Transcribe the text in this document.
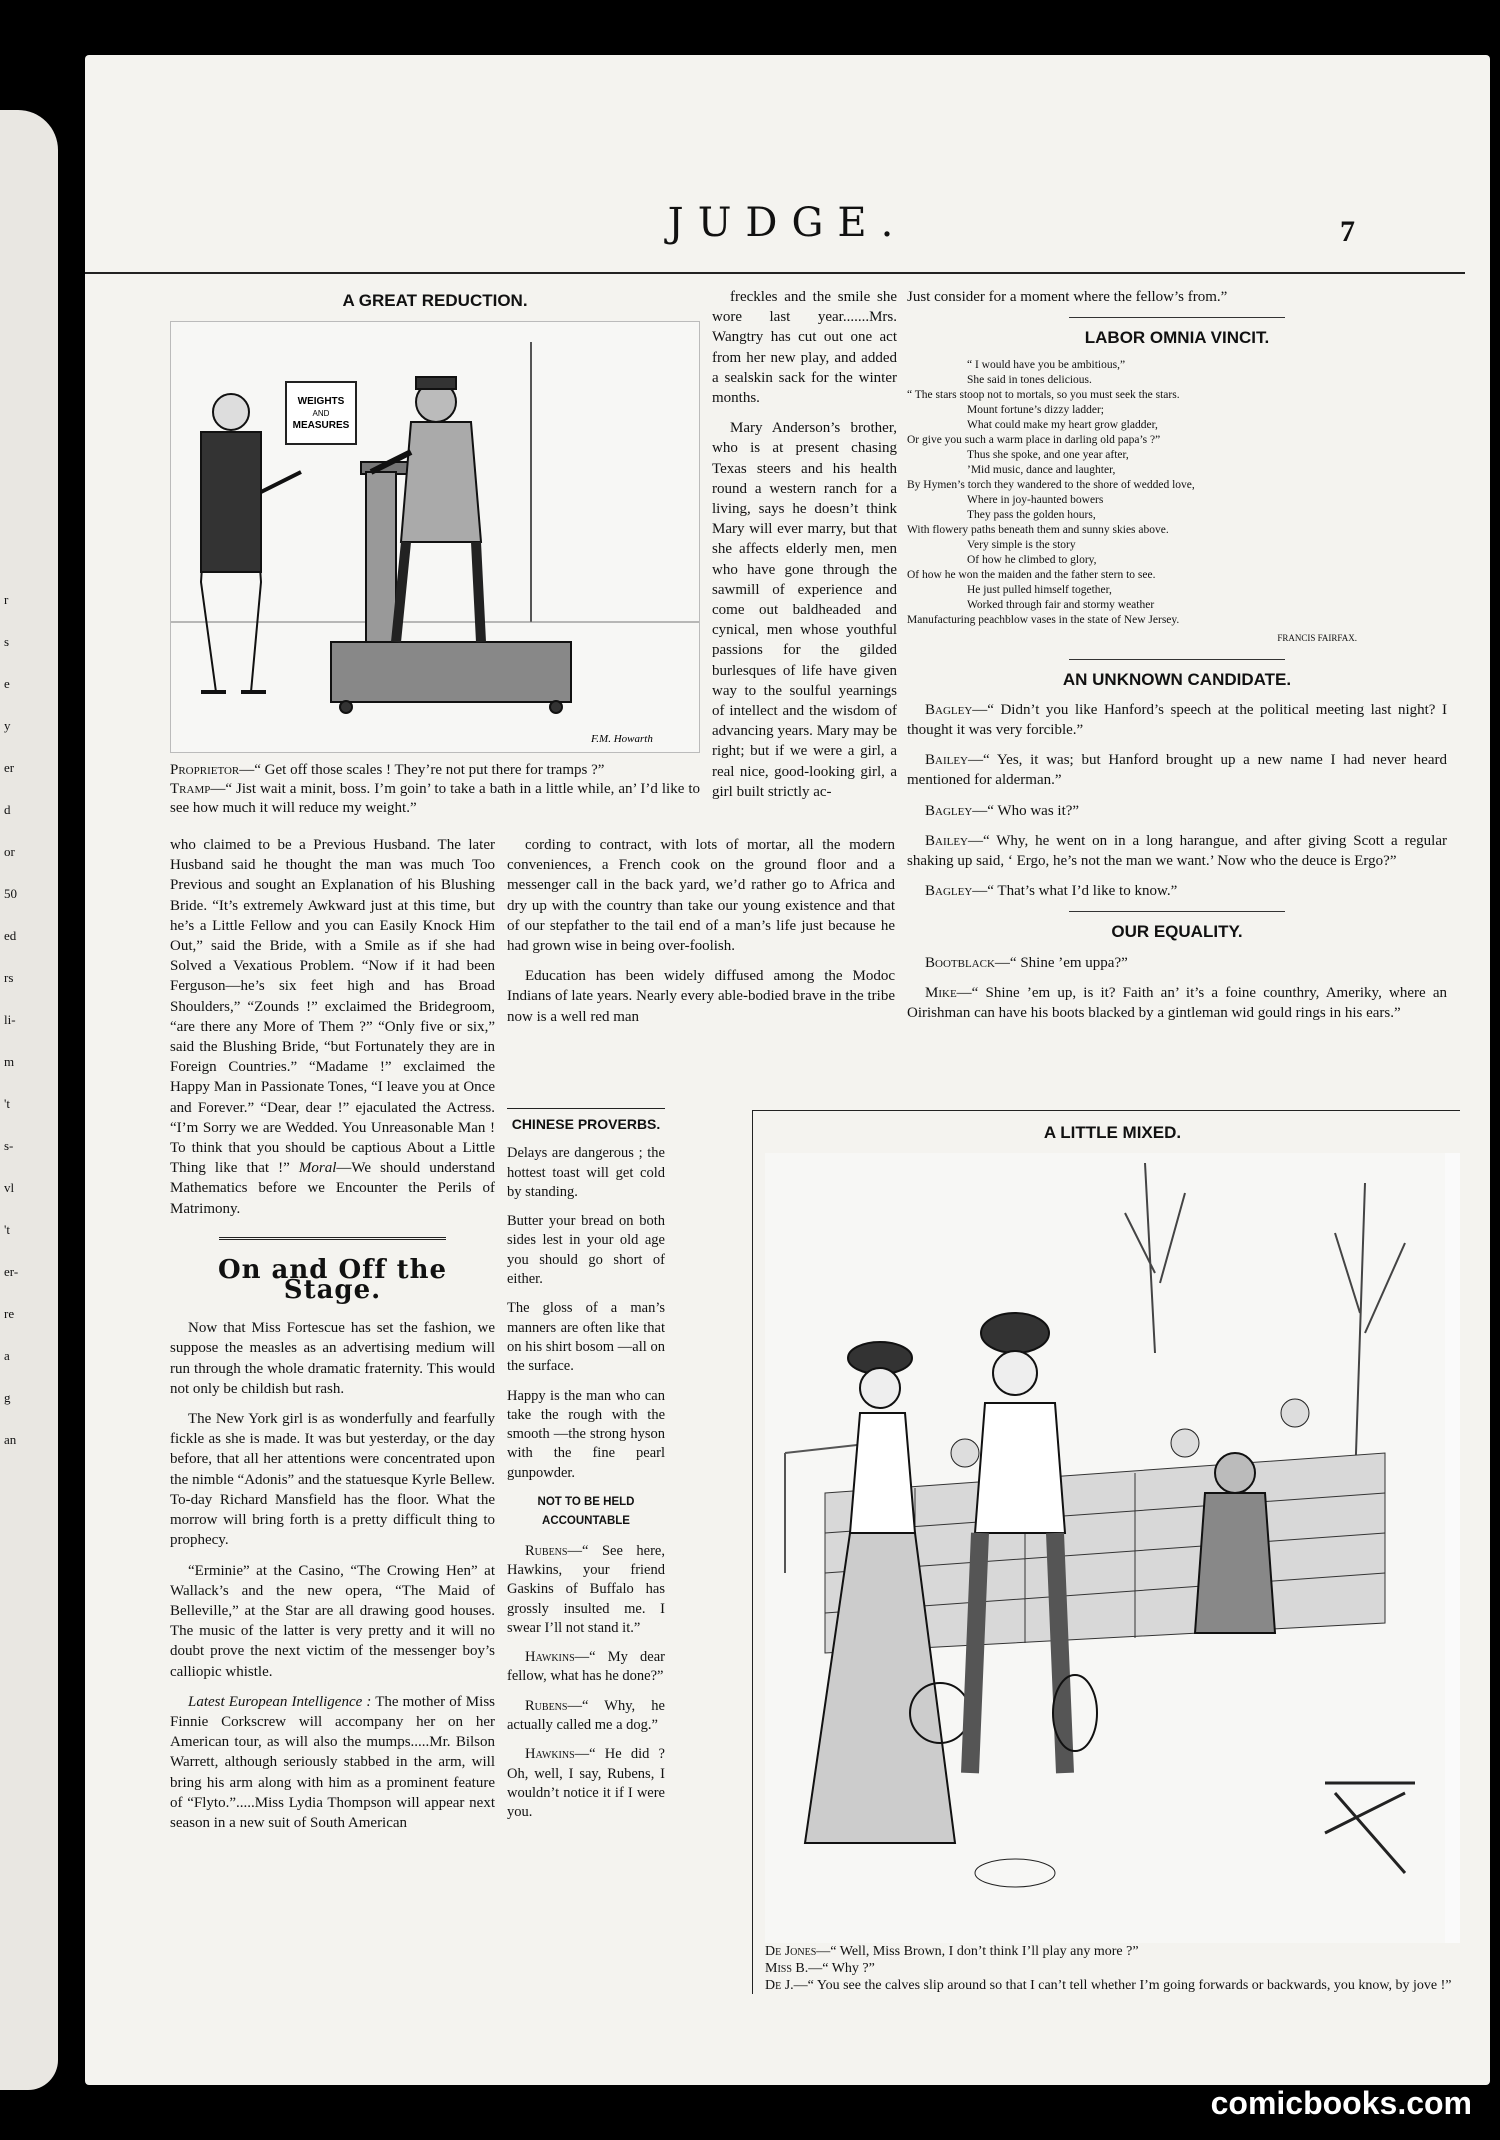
r
s
e
y
er
d
or
50
ed
rs
li-
m
't
s-
vl
't
er-
re
a
g
an
JUDGE.	7
A GREAT REDUCTION.
WEIGHTS
AND
MEASURES
F.M. Howarth

Proprietor—“ Get off those scales ! They’re not put there for tramps ?”

Tramp—“ Jist wait a minit, boss. I’m goin’ to take a bath in a little while, an’ I’d like to see how much it will reduce my weight.”

freckles and the smile she wore last year.......Mrs. Wangtry has cut out one act from her new play, and added a sealskin sack for the winter months.

Mary Anderson’s brother, who is at present chasing Texas steers and his health round a western ranch for a living, says he doesn’t think Mary will ever marry, but that she affects elderly men, men who have gone through the sawmill of experience and come out baldheaded and cynical, men whose youthful passions for the gilded burlesques of life have given way to the soulful yearnings of intellect and the wisdom of advancing years. Mary may be right; but if we were a girl, a real nice, good-looking girl, a girl built strictly ac-

who claimed to be a Previous Husband. The later Husband said he thought the man was much Too Previous and sought an Explanation of his Blushing Bride. “It’s extremely Awkward just at this time, but he’s a Little Fellow and you can Easily Knock Him Out,” said the Bride, with a Smile as if she had Solved a Vexatious Problem. “Now if it had been Ferguson—he’s six feet high and has Broad Shoulders,” “Zounds !” exclaimed the Bridegroom, “are there any More of Them ?” “Only five or six,” said the Blushing Bride, “but Fortunately they are in Foreign Countries.” “Madame !” exclaimed the Happy Man in Passionate Tones, “I leave you at Once and Forever.” “Dear, dear !” ejaculated the Actress. “I’m Sorry we are Wedded. You Unreasonable Man ! To think that you should be captious About a Little Thing like that !” Moral—We should understand Mathematics before we Encounter the Perils of Matrimony.

On and Off the Stage.

Now that Miss Fortescue has set the fashion, we suppose the measles as an advertising medium will run through the whole dramatic fraternity. This would not only be childish but rash.

The New York girl is as wonderfully and fearfully fickle as she is made. It was but yesterday, or the day before, that all her attentions were concentrated upon the nimble “Adonis” and the statuesque Kyrle Bellew. To-day Richard Mansfield has the floor. What the morrow will bring forth is a pretty difficult thing to prophecy.

“Erminie” at the Casino, “The Crowing Hen” at Wallack’s and the new opera, “The Maid of Belleville,” at the Star are all drawing good houses. The music of the latter is very pretty and it will no doubt prove the next victim of the messenger boy’s calliopic whistle.

Latest European Intelligence : The mother of Miss Finnie Corkscrew will accompany her on her American tour, as will also the mumps.....Mr. Bilson Warrett, although seriously stabbed in the arm, will bring his arm along with him as a prominent feature of “Flyto.”.....Miss Lydia Thompson will appear next season in a new suit of South American

cording to contract, with lots of mortar, all the modern conveniences, a French cook on the ground floor and a messenger call in the back yard, we’d rather go to Africa and dry up with the country than take our young existence and that of our stepfather to the tail end of a man’s life just because he had grown wise in being over-foolish.

Education has been widely diffused among the Modoc Indians of late years. Nearly every able-bodied brave in the tribe now is a well red man

CHINESE PROVERBS.

Delays are dangerous ; the hottest toast will get cold by standing.

Butter your bread on both sides lest in your old age you should go short of either.

The gloss of a man’s manners are often like that on his shirt bosom —all on the surface.

Happy is the man who can take the rough with the smooth —the strong hyson with the fine pearl gunpowder.

NOT TO BE HELD ACCOUNTABLE

Rubens—“ See here, Hawkins, your friend Gaskins of Buffalo has grossly insulted me. I swear I’ll not stand it.”

Hawkins—“ My dear fellow, what has he done?”

Rubens—“ Why, he actually called me a dog.”

Hawkins—“ He did ? Oh, well, I say, Rubens, I wouldn’t notice it if I were you.

Just consider for a moment where the fellow’s from.”

LABOR OMNIA VINCIT.
“ I would have you be ambitious,”
She said in tones delicious.
“ The stars stoop not to mortals, so you must seek the stars.
Mount fortune’s dizzy ladder;
What could make my heart grow gladder,
Or give you such a warm place in darling old papa’s ?”
Thus she spoke, and one year after,
’Mid music, dance and laughter,
By Hymen’s torch they wandered to the shore of wedded love,
Where in joy-haunted bowers
They pass the golden hours,
With flowery paths beneath them and sunny skies above.
Very simple is the story
Of how he climbed to glory,
Of how he won the maiden and the father stern to see.
He just pulled himself together,
Worked through fair and stormy weather
Manufacturing peachblow vases in the state of New Jersey.
FRANCIS FAIRFAX.
AN UNKNOWN CANDIDATE.

Bagley—“ Didn’t you like Hanford’s speech at the political meeting last night? I thought it was very forcible.”

Bailey—“ Yes, it was; but Hanford brought up a new name I had never heard mentioned for alderman.”

Bagley—“ Who was it?”

Bailey—“ Why, he went on in a long harangue, and after giving Scott a regular shaking up said, ‘ Ergo, he’s not the man we want.’ Now who the deuce is Ergo?”

Bagley—“ That’s what I’d like to know.”

OUR EQUALITY.

Bootblack—“ Shine ’em uppa?”

Mike—“ Shine ’em up, is it? Faith an’ it’s a foine counthry, Ameriky, where an Oirishman can have his boots blacked by a gintleman wid gould rings in his ears.”

A LITTLE MIXED.

De Jones—“ Well, Miss Brown, I don’t think I’ll play any more ?”

Miss B.—“ Why ?”

De J.—“ You see the calves slip around so that I can’t tell whether I’m going forwards or backwards, you know, by jove !”

comicbooks.com
